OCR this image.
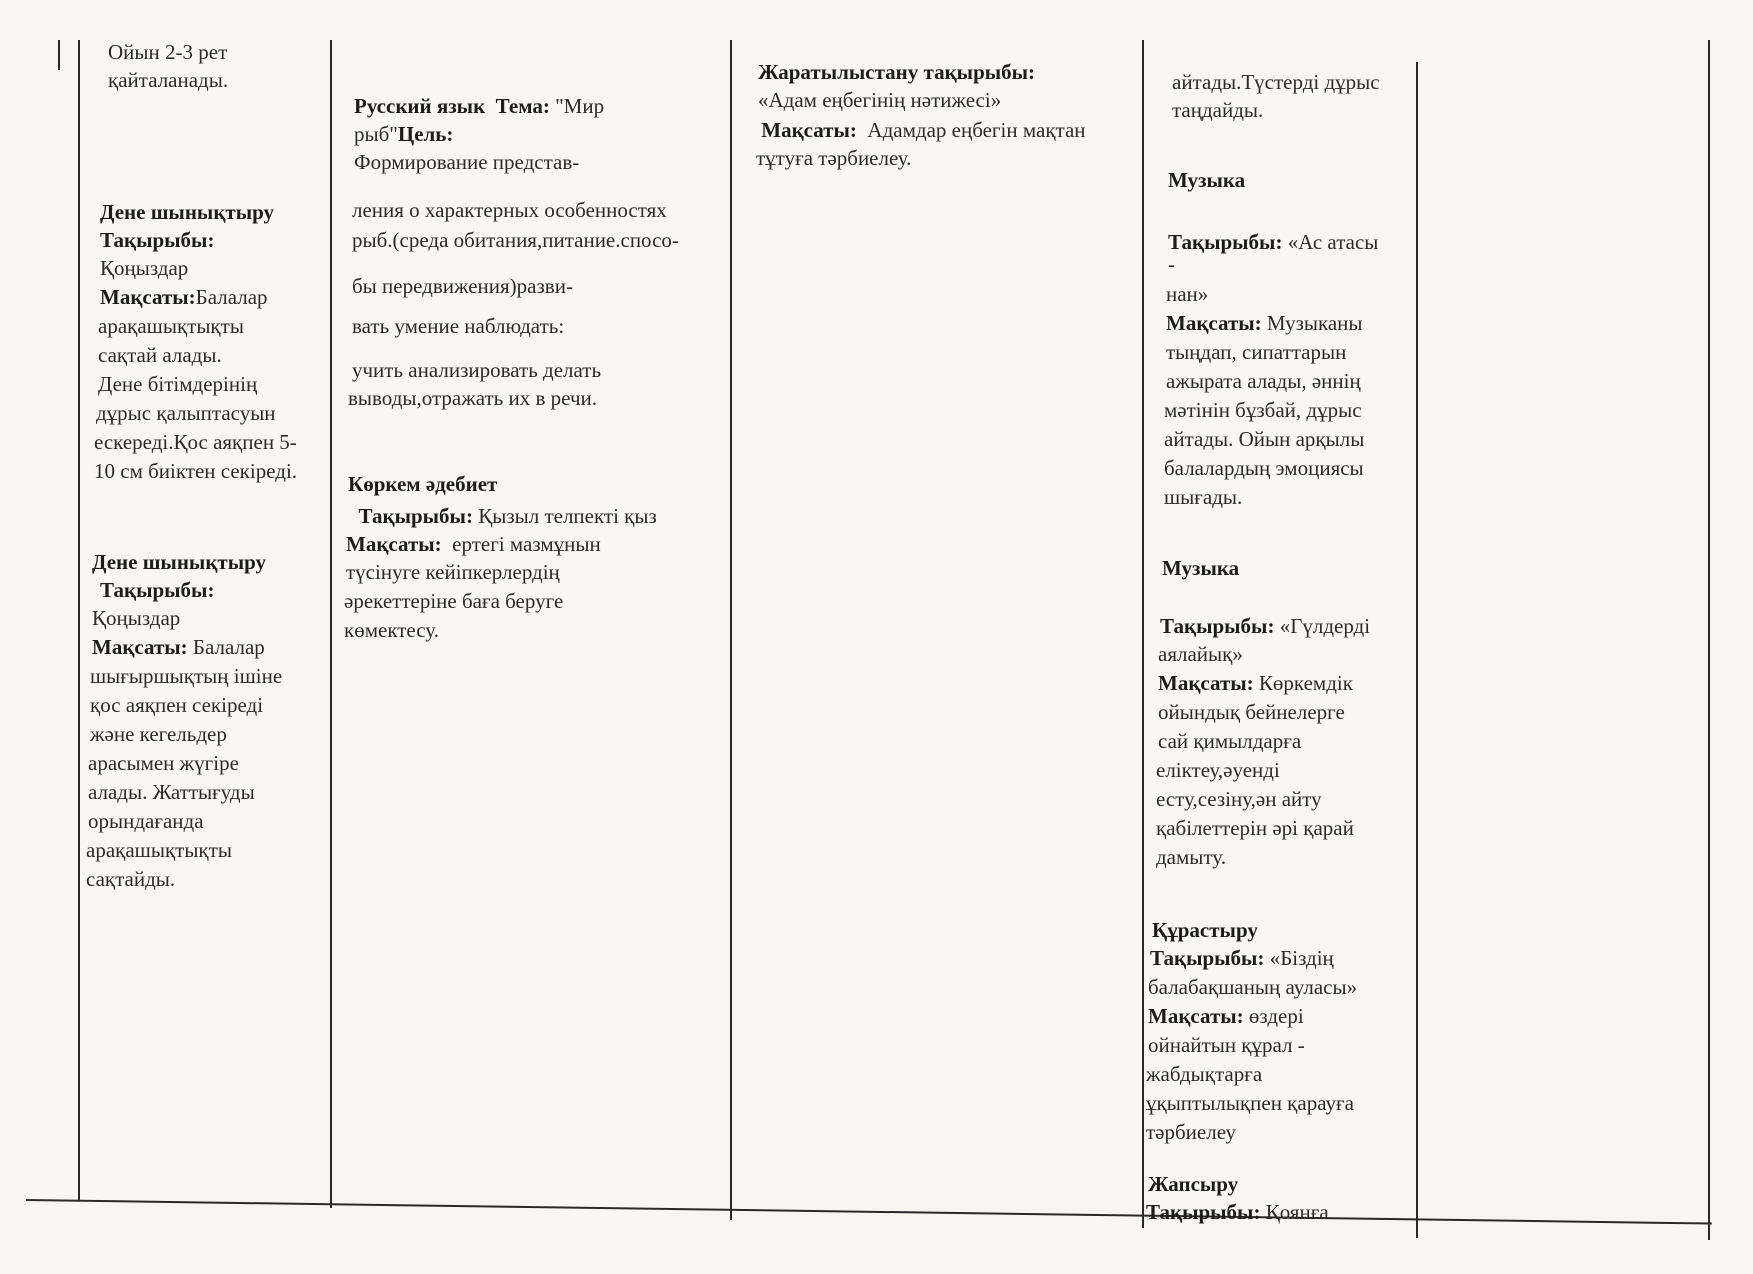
Ойын 2-3 рет
қайталанады.
Дене шынықтыру
Тақырыбы:
Қоңыздар
Мақсаты:Балалар
арақашықтықты
сақтай алады.
Дене бітімдерінің
дұрыс қалыптасуын
ескереді.Қос аяқпен 5-
10 см биіктен секіреді.
Дене шынықтыру
Тақырыбы:
Қоңыздар
Мақсаты: Балалар
шығыршықтың ішіне
қос аяқпен секіреді
және кегельдер
арасымен жүгіре
алады. Жаттығуды
орындағанда
арақашықтықты
сақтайды.
Русский язык Тема: "Мир
рыб"Цель:
Формирование представ-
ления о характерных особенностях
рыб.(среда обитания,питание.спосо-
бы передвижения)разви-
вать умение наблюдать:
учить анализировать делать
выводы,отражать их в речи.
Көркем әдебиет
Тақырыбы: Қызыл телпекті қыз
Мақсаты: ертегі мазмұнын
түсінуге кейіпкерлердің
әрекеттеріне баға беруге
көмектесу.
Жаратылыстану тақырыбы:
«Адам еңбегінің нәтижесі»
Мақсаты: Адамдар еңбегін мақтан
тұтуға тәрбиелеу.
айтады.Түстерді дұрыс
таңдайды.
Музыка
Тақырыбы: «Ас атасы
-
нан»
Мақсаты: Музыканы
тыңдап, сипаттарын
ажырата алады, әннің
мәтінін бұзбай, дұрыс
айтады. Ойын арқылы
балалардың эмоциясы
шығады.
Музыка
Тақырыбы: «Гүлдерді
аялайық»
Мақсаты: Көркемдік
ойындық бейнелерге
сай қимылдарға
еліктеу,әуенді
есту,сезіну,ән айту
қабілеттерін әрі қарай
дамыту.
Құрастыру
Тақырыбы: «Біздің
балабақшаның ауласы»
Мақсаты: өздері
ойнайтын құрал -
жабдықтарға
ұқыптылықпен қарауға
тәрбиелеу
Жапсыру
Тақырыбы: Қоянға
